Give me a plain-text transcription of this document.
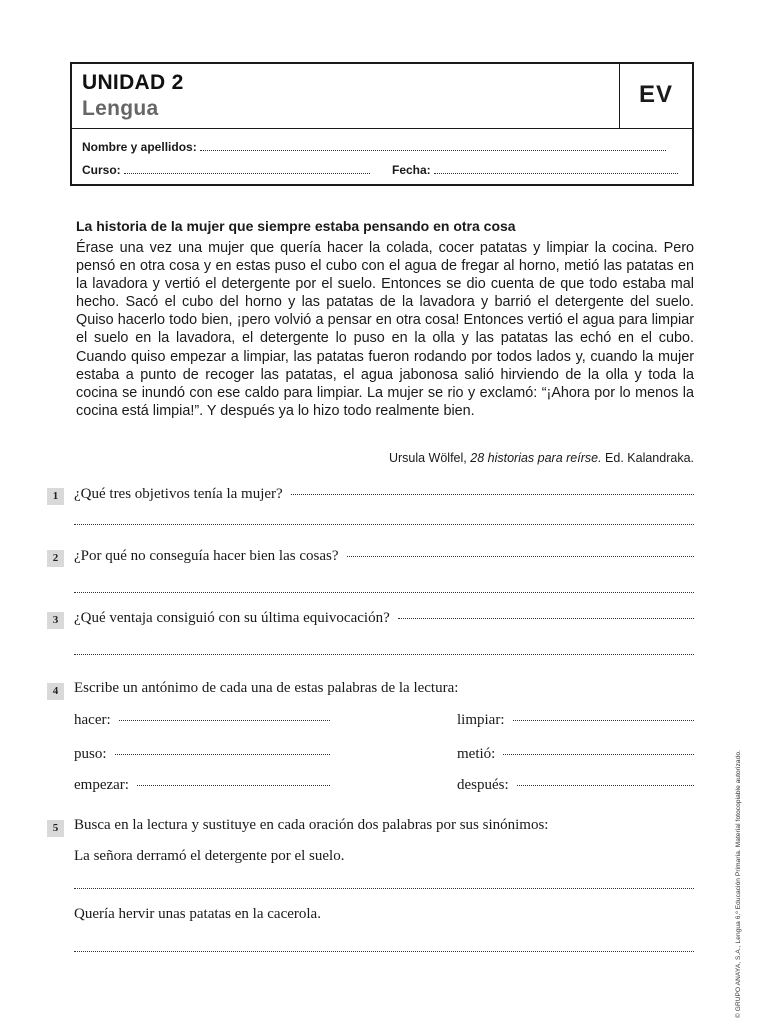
UNIDAD 2
Lengua
EV
Nombre y apellidos:
Curso:	Fecha:
La historia de la mujer que siempre estaba pensando en otra cosa

Érase una vez una mujer que quería hacer la colada, cocer patatas y limpiar la cocina. Pero pensó en otra cosa y en estas puso el cubo con el agua de fregar al horno, metió las patatas en la lavadora y vertió el detergente por el suelo. Entonces se dio cuenta de que todo estaba mal hecho. Sacó el cubo del horno y las patatas de la lavadora y barrió el detergente del suelo. Quiso hacerlo todo bien, ¡pero volvió a pensar en otra cosa! Entonces vertió el agua para limpiar el suelo en la lavadora, el detergente lo puso en la olla y las patatas las echó en el cubo. Cuando quiso empezar a limpiar, las patatas fueron rodando por todos lados y, cuando la mujer estaba a punto de recoger las patatas, el agua jabonosa salió hirviendo de la olla y toda la cocina se inundó con ese caldo para limpiar. La mujer se rio y exclamó: “¡Ahora por lo menos la cocina está limpia!”. Y después ya lo hizo todo realmente bien.

Ursula Wölfel, 28 historias para reírse. Ed. Kalandraka.
1	¿Qué tres objetivos tenía la mujer?
2	¿Por qué no conseguía hacer bien las cosas?
3	¿Qué ventaja consiguió con su última equivocación?
4	Escribe un antónimo de cada una de estas palabras de la lectura:
hacer:	limpiar:
puso:	metió:
empezar:	después:
5	Busca en la lectura y sustituye en cada oración dos palabras por sus sinónimos:
La señora derramó el detergente por el suelo.
Quería hervir unas patatas en la cacerola.	© GRUPO ANAYA, S.A., Lengua 6.º Educación Primaria. Material fotocopiable autorizado.
